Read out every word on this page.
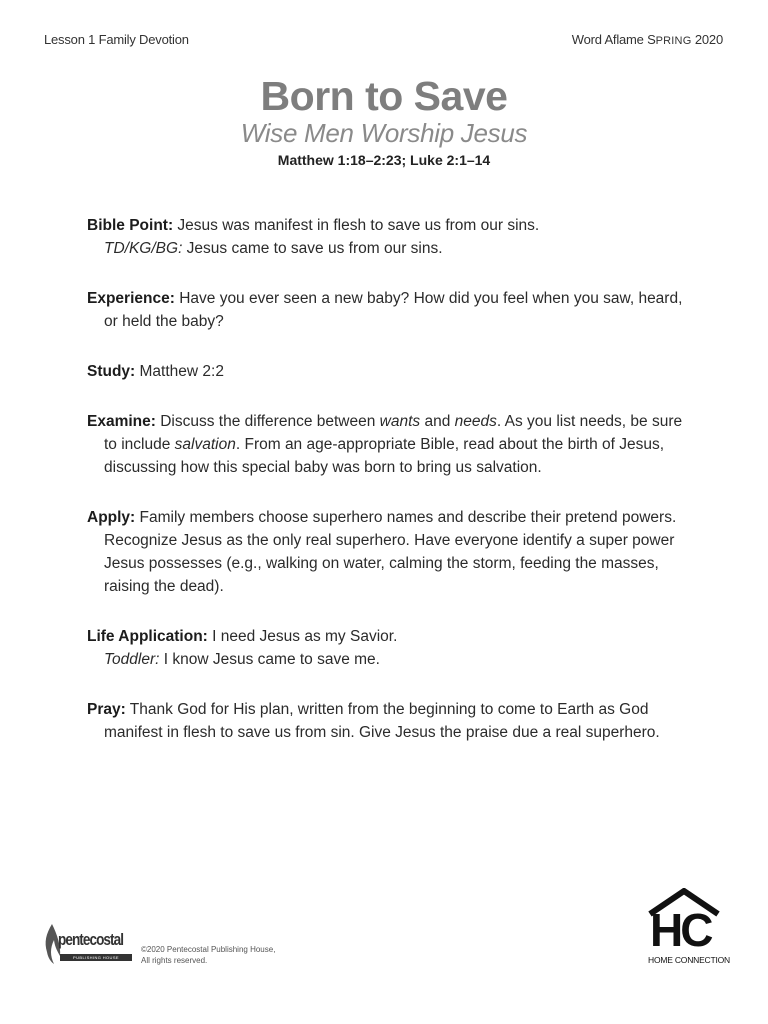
Lesson 1 Family Devotion	Word Aflame SPRING 2020
Born to Save
Wise Men Worship Jesus
Matthew 1:18–2:23; Luke 2:1–14
Bible Point: Jesus was manifest in flesh to save us from our sins.
TD/KG/BG: Jesus came to save us from our sins.
Experience: Have you ever seen a new baby? How did you feel when you saw, heard, or held the baby?
Study: Matthew 2:2
Examine: Discuss the difference between wants and needs. As you list needs, be sure to include salvation. From an age-appropriate Bible, read about the birth of Jesus, discussing how this special baby was born to bring us salvation.
Apply: Family members choose superhero names and describe their pretend powers. Recognize Jesus as the only real superhero. Have everyone identify a super power Jesus possesses (e.g., walking on water, calming the storm, feeding the masses, raising the dead).
Life Application: I need Jesus as my Savior.
Toddler: I know Jesus came to save me.
Pray: Thank God for His plan, written from the beginning to come to Earth as God manifest in flesh to save us from sin. Give Jesus the praise due a real superhero.
pentecostal
PUBLISHING HOUSE
©2020 Pentecostal Publishing House,
All rights reserved.
HC
HOME CONNECTION
